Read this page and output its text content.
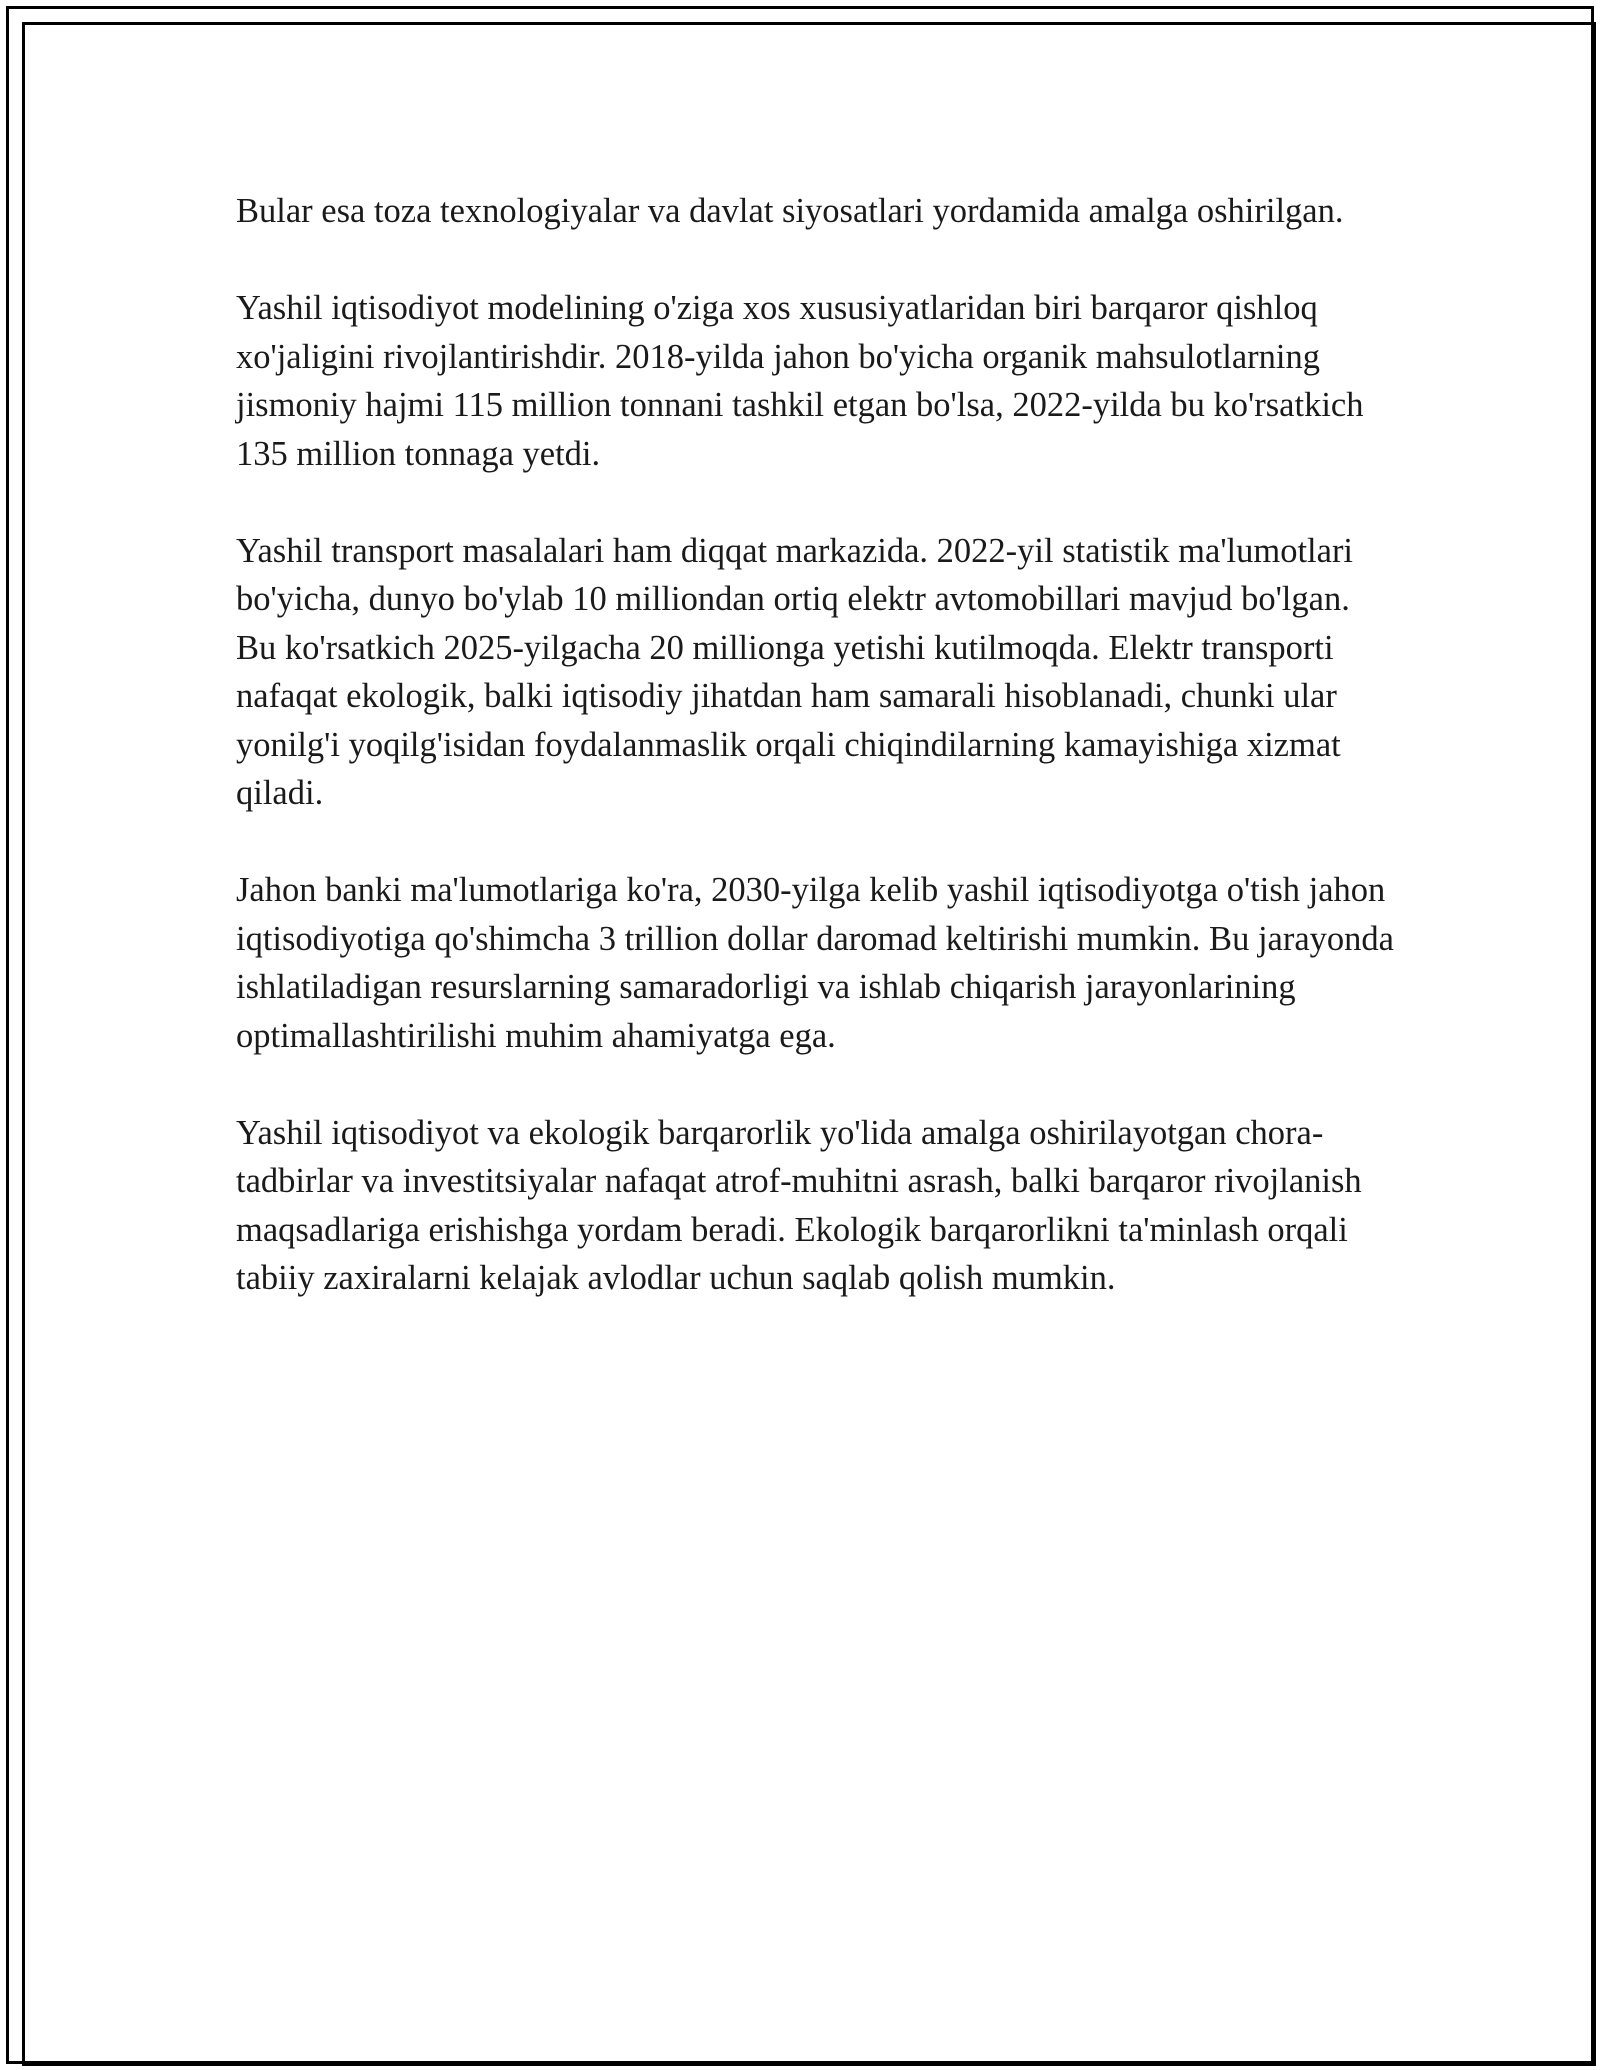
Bular esa toza texnologiyalar va davlat siyosatlari yordamida amalga oshirilgan.

Yashil iqtisodiyot modelining o'ziga xos xususiyatlaridan biri barqaror qishloq xo'jaligini rivojlantirishdir. 2018-yilda jahon bo'yicha organik mahsulotlarning jismoniy hajmi 115 million tonnani tashkil etgan bo'lsa, 2022-yilda bu ko'rsatkich 135 million tonnaga yetdi.

Yashil transport masalalari ham diqqat markazida. 2022-yil statistik ma'lumotlari bo'yicha, dunyo bo'ylab 10 milliondan ortiq elektr avtomobillari mavjud bo'lgan. Bu ko'rsatkich 2025-yilgacha 20 millionga yetishi kutilmoqda. Elektr transporti nafaqat ekologik, balki iqtisodiy jihatdan ham samarali hisoblanadi, chunki ular yonilg'i yoqilg'isidan foydalanmaslik orqali chiqindilarning kamayishiga xizmat qiladi.

Jahon banki ma'lumotlariga ko'ra, 2030-yilga kelib yashil iqtisodiyotga o'tish jahon iqtisodiyotiga qo'shimcha 3 trillion dollar daromad keltirishi mumkin. Bu jarayonda ishlatiladigan resurslarning samaradorligi va ishlab chiqarish jarayonlarining optimallashtirilishi muhim ahamiyatga ega.

Yashil iqtisodiyot va ekologik barqarorlik yo'lida amalga oshirilayotgan chora-tadbirlar va investitsiyalar nafaqat atrof-muhitni asrash, balki barqaror rivojlanish maqsadlariga erishishga yordam beradi. Ekologik barqarorlikni ta'minlash orqali tabiiy zaxiralarni kelajak avlodlar uchun saqlab qolish mumkin.
